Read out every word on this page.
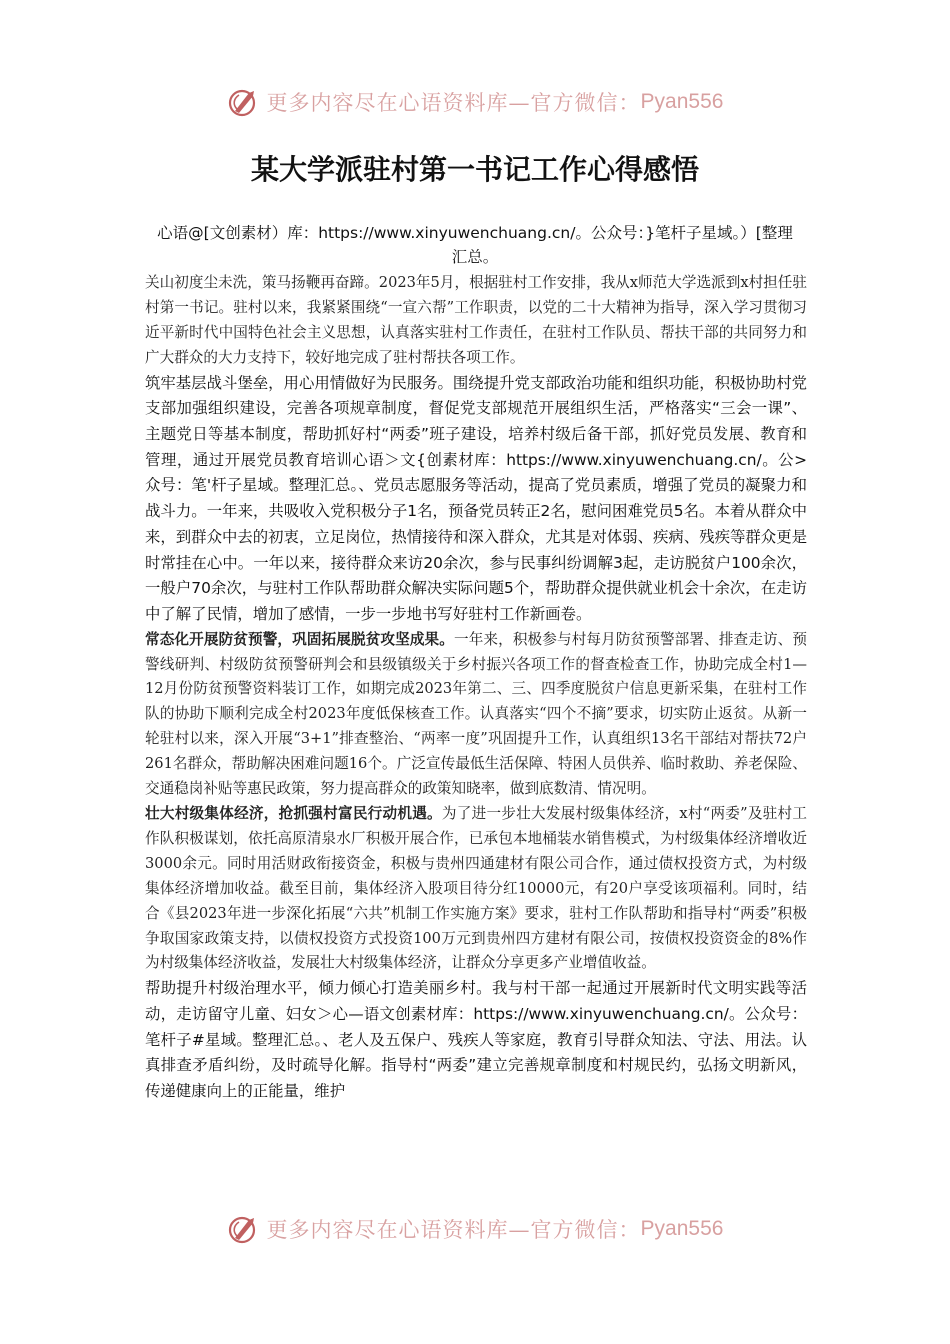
更多内容尽在心语资料库—官方微信： Pyan556
某大学派驻村第一书记工作心得感悟
心语@[文创素材）库：https://www.xinyuwenchuang.cn/。公众号：}笔杆子星域。）[整理汇总。

关山初度尘未洗，策马扬鞭再奋蹄。2023年5月，根据驻村工作安排，我从x师范大学选派到x村担任驻村第一书记。驻村以来，我紧紧围绕“一宣六帮”工作职责，以党的二十大精神为指导，深入学习贯彻习近平新时代中国特色社会主义思想，认真落实驻村工作责任，在驻村工作队员、帮扶干部的共同努力和广大群众的大力支持下，较好地完成了驻村帮扶各项工作。

筑牢基层战斗堡垒，用心用情做好为民服务。围绕提升党支部政治功能和组织功能，积极协助村党支部加强组织建设，完善各项规章制度，督促党支部规范开展组织生活，严格落实“三会一课”、主题党日等基本制度，帮助抓好村“两委”班子建设，培养村级后备干部，抓好党员发展、教育和管理，通过开展党员教育培训心语＞文{创素材库：https://www.xinyuwenchuang.cn/。公>众号：笔'杆子星域。整理汇总。、党员志愿服务等活动，提高了党员素质，增强了党员的凝聚力和战斗力。一年来，共吸收入党积极分子1名，预备党员转正2名，慰问困难党员5名。本着从群众中来，到群众中去的初衷，立足岗位，热情接待和深入群众，尤其是对体弱、疾病、残疾等群众更是时常挂在心中。一年以来，接待群众来访20余次，参与民事纠纷调解3起，走访脱贫户100余次，一般户70余次，与驻村工作队帮助群众解决实际问题5个，帮助群众提供就业机会十余次，在走访中了解了民情，增加了感情，一步一步地书写好驻村工作新画卷。

常态化开展防贫预警，巩固拓展脱贫攻坚成果。一年来，积极参与村每月防贫预警部署、排查走访、预警线研判、村级防贫预警研判会和县级镇级关于乡村振兴各项工作的督查检查工作，协助完成全村1—12月份防贫预警资料装订工作，如期完成2023年第二、三、四季度脱贫户信息更新采集，在驻村工作队的协助下顺利完成全村2023年度低保核查工作。认真落实“四个不摘”要求，切实防止返贫。从新一轮驻村以来，深入开展“3+1”排查整治、“两率一度”巩固提升工作，认真组织13名干部结对帮扶72户261名群众，帮助解决困难问题16个。广泛宣传最低生活保障、特困人员供养、临时救助、养老保险、交通稳岗补贴等惠民政策，努力提高群众的政策知晓率，做到底数清、情况明。

壮大村级集体经济，抢抓强村富民行动机遇。为了进一步壮大发展村级集体经济，x村“两委”及驻村工作队积极谋划，依托高原清泉水厂积极开展合作，已承包本地桶装水销售模式，为村级集体经济增收近3000余元。同时用活财政衔接资金，积极与贵州四通建材有限公司合作，通过债权投资方式，为村级集体经济增加收益。截至目前，集体经济入股项目待分红10000元，有20户享受该项福利。同时，结合《县2023年进一步深化拓展“六共”机制工作实施方案》要求，驻村工作队帮助和指导村“两委”积极争取国家政策支持，以债权投资方式投资100万元到贵州四方建材有限公司，按债权投资资金的8%作为村级集体经济收益，发展壮大村级集体经济，让群众分享更多产业增值收益。

帮助提升村级治理水平，倾力倾心打造美丽乡村。我与村干部一起通过开展新时代文明实践等活动，走访留守儿童、妇女＞心—语文创素材库：https://www.xinyuwenchuang.cn/。公众号：笔杆子#星域。整理汇总。、老人及五保户、残疾人等家庭，教育引导群众知法、守法、用法。认真排查矛盾纠纷，及时疏导化解。指导村“两委”建立完善规章制度和村规民约，弘扬文明新风，传递健康向上的正能量，维护

更多内容尽在心语资料库—官方微信： Pyan556
